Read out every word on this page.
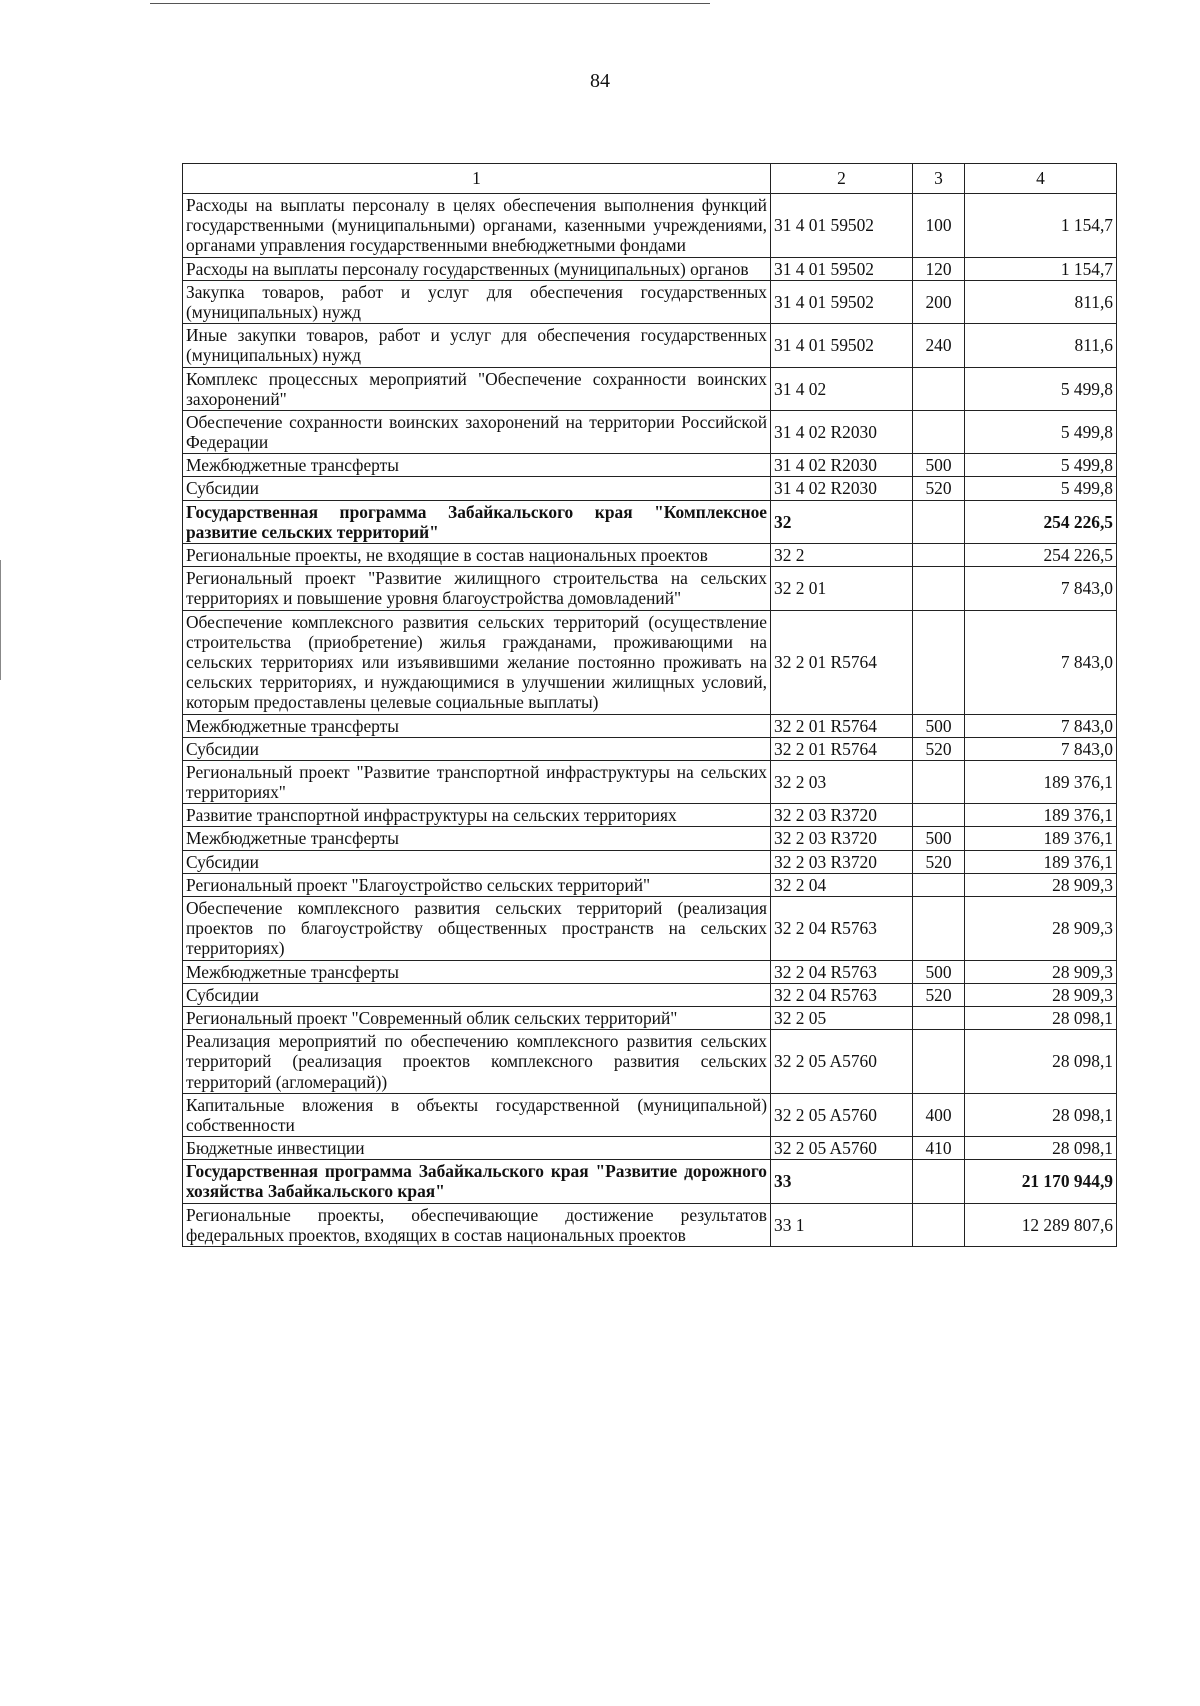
84
1	2	3	4
Расходы на выплаты персоналу в целях обеспечения выполнения функций государственными (муниципальными) органами, казенными учреждениями, органами управления государственными внебюджетными фондами	31 4 01 59502	100	1 154,7
Расходы на выплаты персоналу государственных (муниципальных) органов	31 4 01 59502	120	1 154,7
Закупка товаров, работ и услуг для обеспечения государственных (муниципальных) нужд	31 4 01 59502	200	811,6
Иные закупки товаров, работ и услуг для обеспечения государственных (муниципальных) нужд	31 4 01 59502	240	811,6
Комплекс процессных мероприятий "Обеспечение сохранности воинских захоронений"	31 4 02		5 499,8
Обеспечение сохранности воинских захоронений на территории Российской Федерации	31 4 02 R2030		5 499,8
Межбюджетные трансферты	31 4 02 R2030	500	5 499,8
Субсидии	31 4 02 R2030	520	5 499,8
Государственная программа Забайкальского края "Комплексное развитие сельских территорий"	32		254 226,5
Региональные проекты, не входящие в состав национальных проектов	32 2		254 226,5
Региональный проект "Развитие жилищного строительства на сельских территориях и повышение уровня благоустройства домовладений"	32 2 01		7 843,0
Обеспечение комплексного развития сельских территорий (осуществление строительства (приобретение) жилья гражданами, проживающими на сельских территориях или изъявившими желание постоянно проживать на сельских территориях, и нуждающимися в улучшении жилищных условий, которым предоставлены целевые социальные выплаты)	32 2 01 R5764		7 843,0
Межбюджетные трансферты	32 2 01 R5764	500	7 843,0
Субсидии	32 2 01 R5764	520	7 843,0
Региональный проект "Развитие транспортной инфраструктуры на сельских территориях"	32 2 03		189 376,1
Развитие транспортной инфраструктуры на сельских территориях	32 2 03 R3720		189 376,1
Межбюджетные трансферты	32 2 03 R3720	500	189 376,1
Субсидии	32 2 03 R3720	520	189 376,1
Региональный проект "Благоустройство сельских территорий"	32 2 04		28 909,3
Обеспечение комплексного развития сельских территорий (реализация проектов по благоустройству общественных пространств на сельских территориях)	32 2 04 R5763		28 909,3
Межбюджетные трансферты	32 2 04 R5763	500	28 909,3
Субсидии	32 2 04 R5763	520	28 909,3
Региональный проект "Современный облик сельских территорий"	32 2 05		28 098,1
Реализация мероприятий по обеспечению комплексного развития сельских территорий (реализация проектов комплексного развития сельских территорий (агломераций))	32 2 05 A5760		28 098,1
Капитальные вложения в объекты государственной (муниципальной) собственности	32 2 05 A5760	400	28 098,1
Бюджетные инвестиции	32 2 05 A5760	410	28 098,1
Государственная программа Забайкальского края "Развитие дорожного хозяйства Забайкальского края"	33		21 170 944,9
Региональные проекты, обеспечивающие достижение результатов федеральных проектов, входящих в состав национальных проектов	33 1		12 289 807,6
